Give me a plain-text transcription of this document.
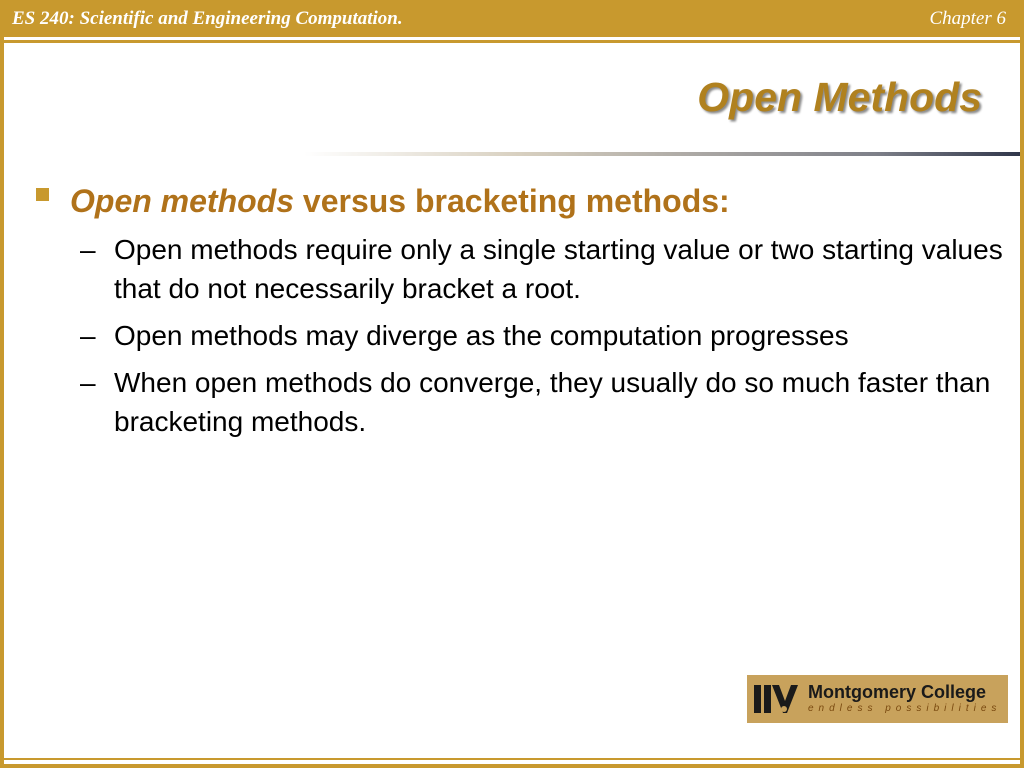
ES 240: Scientific and Engineering Computation.	Chapter 6
Open Methods
Open methods versus bracketing methods:
– Open methods require only a single starting value or two starting values that do not necessarily bracket a root.
– Open methods may diverge as the computation progresses
– When open methods do converge, they usually do so much faster than bracketing methods.
Montgomery College
endless possibilities
